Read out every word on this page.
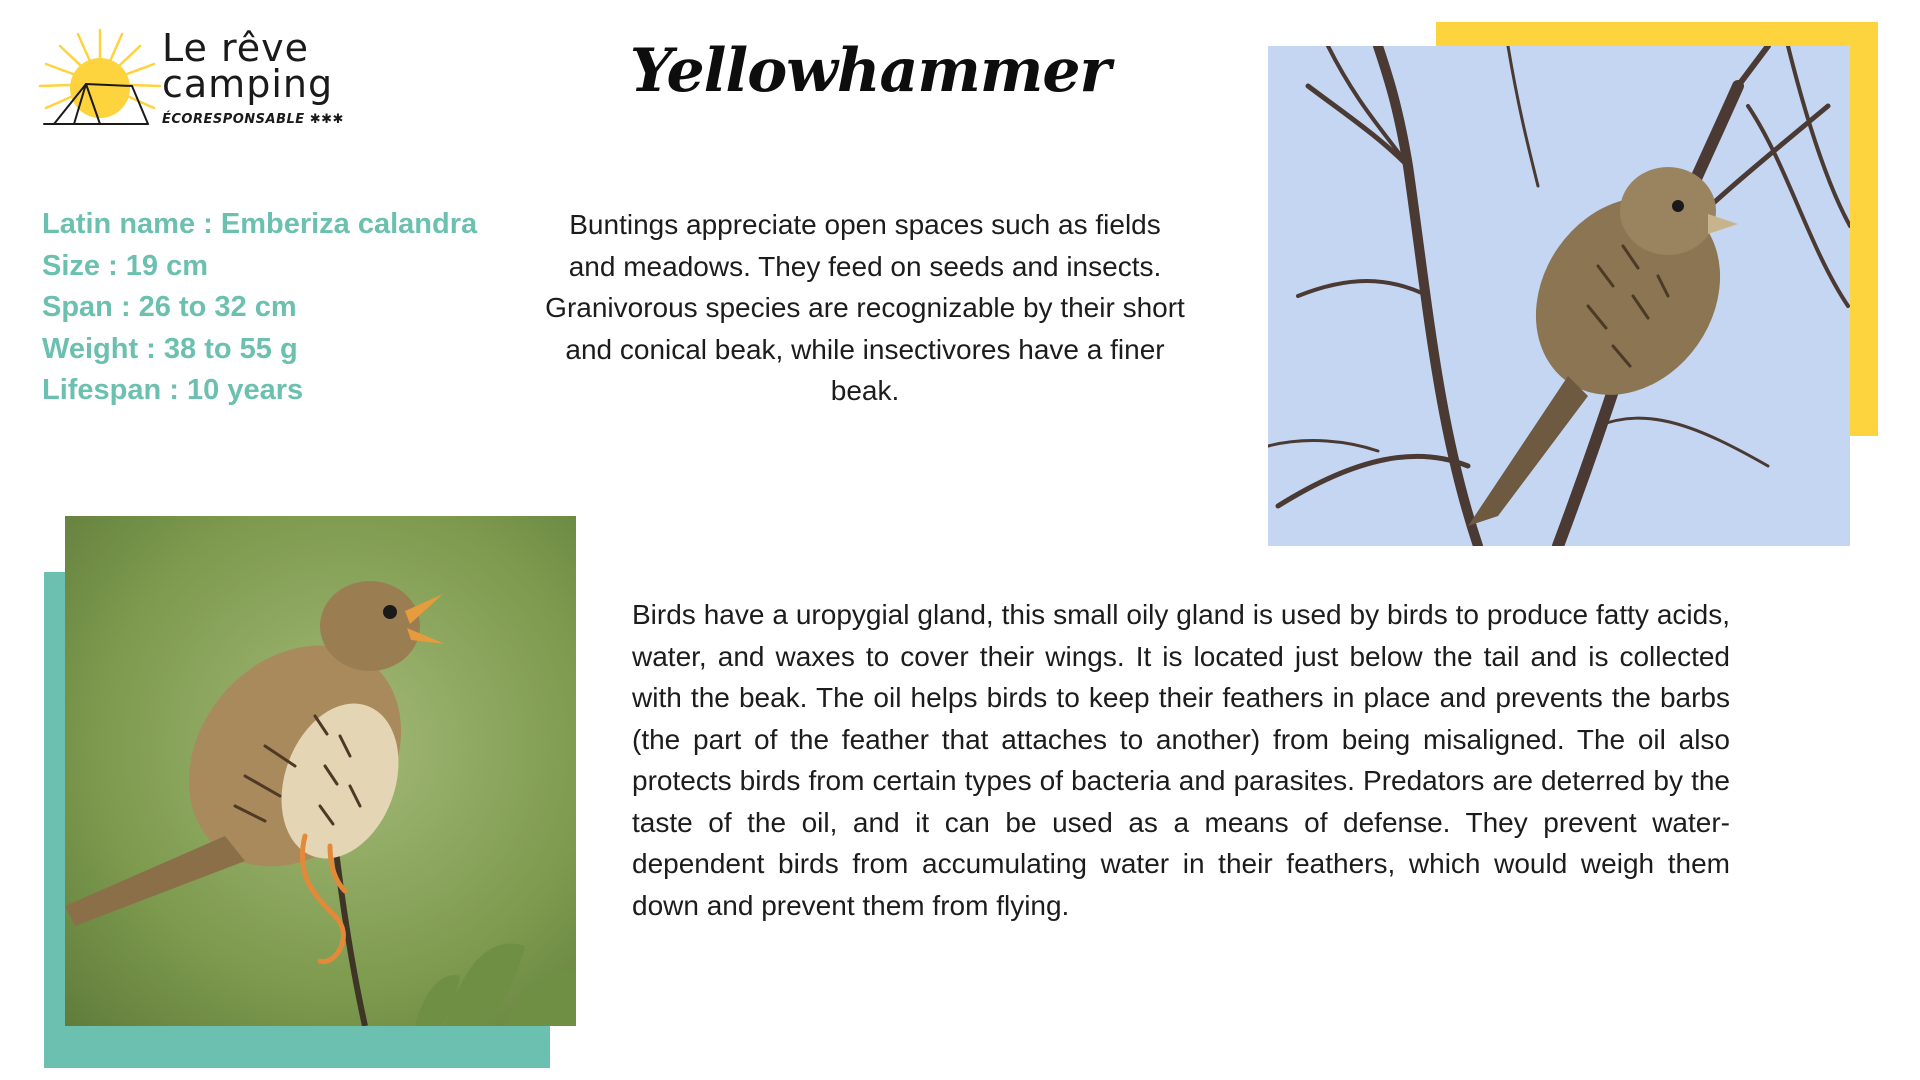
Le rêve
camping
ÉCORESPONSABLE ✱✱✱
Yellowhammer
Latin name : Emberiza calandra
Size : 19 cm
Span : 26 to 32 cm
Weight : 38 to 55 g
Lifespan : 10 years

Buntings appreciate open spaces such as fields and meadows. They feed on seeds and insects. Granivorous species are recognizable by their short and conical beak, while insectivores have a finer beak.

Birds have a uropygial gland, this small oily gland is used by birds to produce fatty acids, water, and waxes to cover their wings. It is located just below the tail and is collected with the beak. The oil helps birds to keep their feathers in place and prevents the barbs (the part of the feather that attaches to another) from being misaligned. The oil also protects birds from certain types of bacteria and parasites. Predators are deterred by the taste of the oil, and it can be used as a means of defense. They prevent water-dependent birds from accumulating water in their feathers, which would weigh them down and prevent them from flying.
